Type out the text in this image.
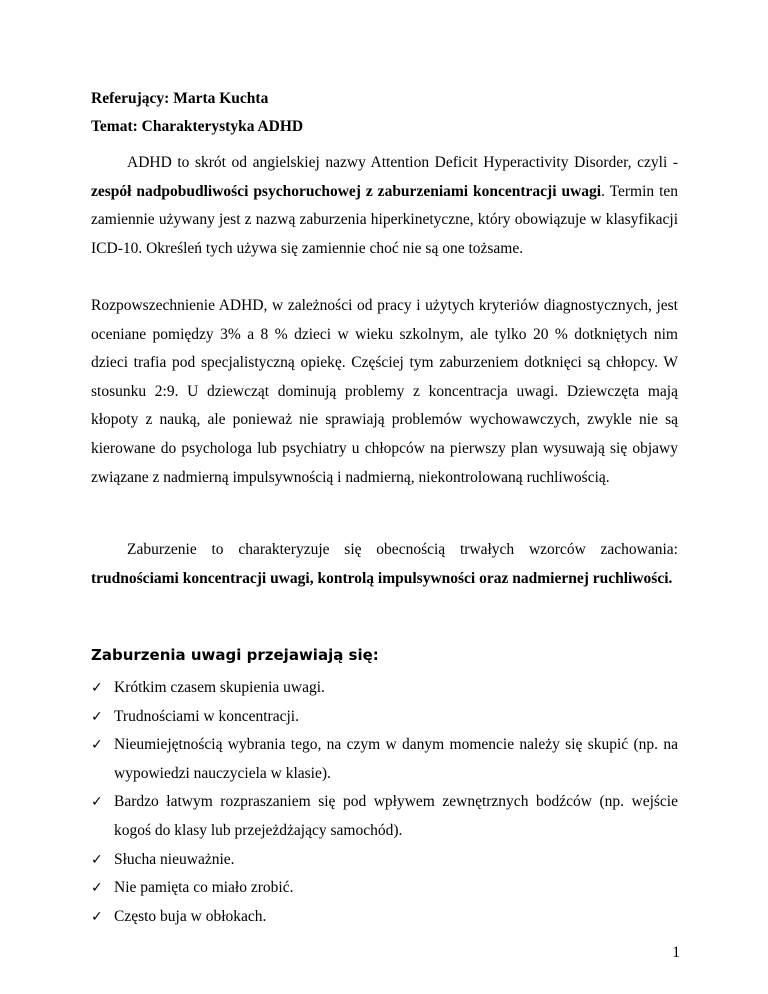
Referujący: Marta Kuchta
Temat: Charakterystyka ADHD
ADHD to skrót od angielskiej nazwy Attention Deficit Hyperactivity Disorder, czyli -zespół nadpobudliwości psychoruchowej z zaburzeniami koncentracji uwagi. Termin ten zamiennie używany jest z nazwą zaburzenia hiperkinetyczne, który obowiązuje w klasyfikacji ICD-10. Określeń tych używa się zamiennie choć nie są one tożsame.
Rozpowszechnienie ADHD, w zależności od pracy i użytych kryteriów diagnostycznych, jest oceniane pomiędzy 3% a 8 % dzieci w wieku szkolnym, ale tylko 20 % dotkniętych nim dzieci trafia pod specjalistyczną opiekę. Częściej tym zaburzeniem dotknięci są chłopcy. W stosunku 2:9. U dziewcząt dominują problemy z koncentracja uwagi. Dziewczęta mają kłopoty z nauką, ale ponieważ nie sprawiają problemów wychowawczych, zwykle nie są kierowane do psychologa lub psychiatry u chłopców na pierwszy plan wysuwają się objawy związane z nadmierną impulsywnością i nadmierną, niekontrolowaną ruchliwością.
Zaburzenie to charakteryzuje się obecnością trwałych wzorców zachowania: trudnościami koncentracji uwagi, kontrolą impulsywności oraz nadmiernej ruchliwości.
Zaburzenia uwagi przejawiają się:
✓ Krótkim czasem skupienia uwagi.
✓ Trudnościami w koncentracji.
✓ Nieumiejętnością wybrania tego, na czym w danym momencie należy się skupić (np. na wypowiedzi nauczyciela w klasie).
✓ Bardzo łatwym rozpraszaniem się pod wpływem zewnętrznych bodźców (np. wejście kogoś do klasy lub przejeżdżający samochód).
✓ Słucha nieuważnie.
✓ Nie pamięta co miało zrobić.
✓ Często buja w obłokach.
1
